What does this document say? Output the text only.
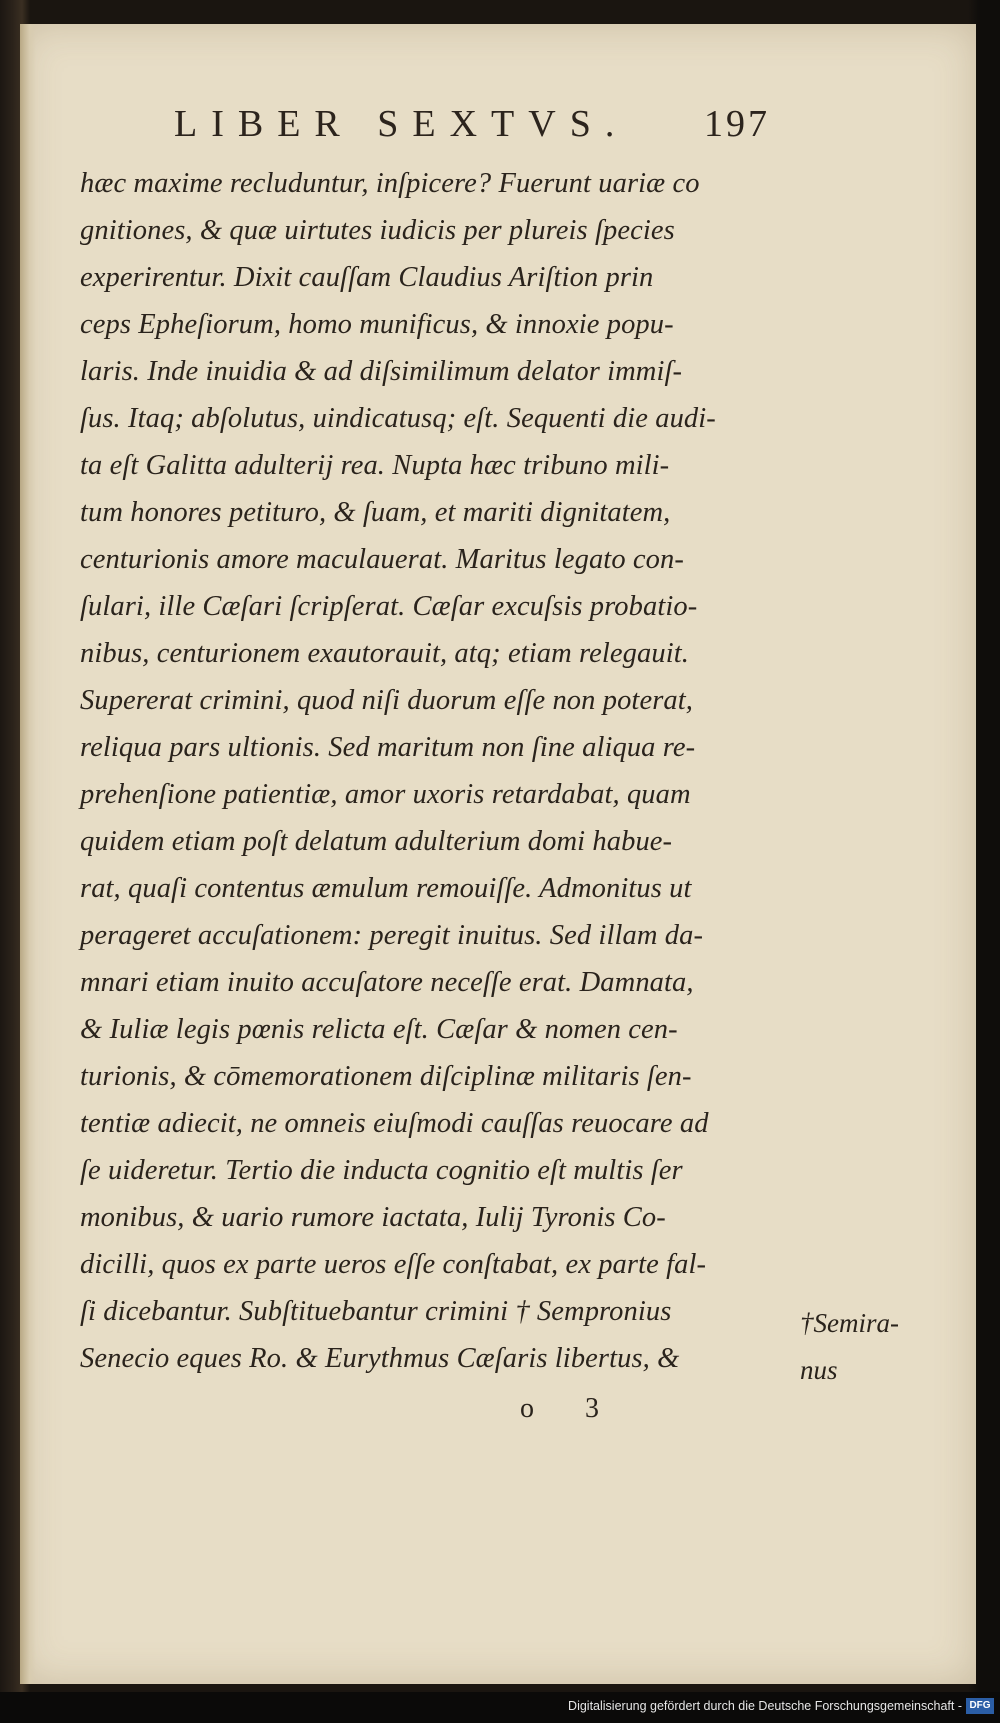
LIBER SEXTVS. 197
hæc maxime recluduntur, inſpicere? Fuerunt uariæ co
gnitiones, & quæ uirtutes iudicis per plureis ſpecies
experirentur. Dixit cauſſam Claudius Ariſtion prin
ceps Epheſiorum, homo munificus, & innoxie popu-
laris. Inde inuidia & ad diſsimilimum delator immiſ-
ſus. Itaq; abſolutus, uindicatusq; eſt. Sequenti die audi-
ta eſt Galitta adulterij rea. Nupta hæc tribuno mili-
tum honores petituro, & ſuam, et mariti dignitatem,
centurionis amore maculauerat. Maritus legato con-
ſulari, ille Cæſari ſcripſerat. Cæſar excuſsis probatio-
nibus, centurionem exautorauit, atq; etiam relegauit.
Supererat crimini, quod niſi duorum eſſe non poterat,
reliqua pars ultionis. Sed maritum non ſine aliqua re-
prehenſione patientiæ, amor uxoris retardabat, quam
quidem etiam poſt delatum adulterium domi habue-
rat, quaſi contentus æmulum remouiſſe. Admonitus ut
perageret accuſationem: peregit inuitus. Sed illam da-
mnari etiam inuito accuſatore neceſſe erat. Damnata,
& Iuliæ legis pœnis relicta eſt. Cæſar & nomen cen-
turionis, & cōmemorationem diſciplinæ militaris ſen-
tentiæ adiecit, ne omneis eiuſmodi cauſſas reuocare ad
ſe uideretur. Tertio die inducta cognitio eſt multis ſer
monibus, & uario rumore iactata, Iulij Tyronis Co-
dicilli, quos ex parte ueros eſſe conſtabat, ex parte fal-
ſi dicebantur. Subſtituebantur crimini † Sempronius
Senecio eques Ro. & Eurythmus Cæſaris libertus, &
†Semira-
nus
o 3
Digitalisierung gefördert durch die Deutsche Forschungsgemeinschaft - DFG
